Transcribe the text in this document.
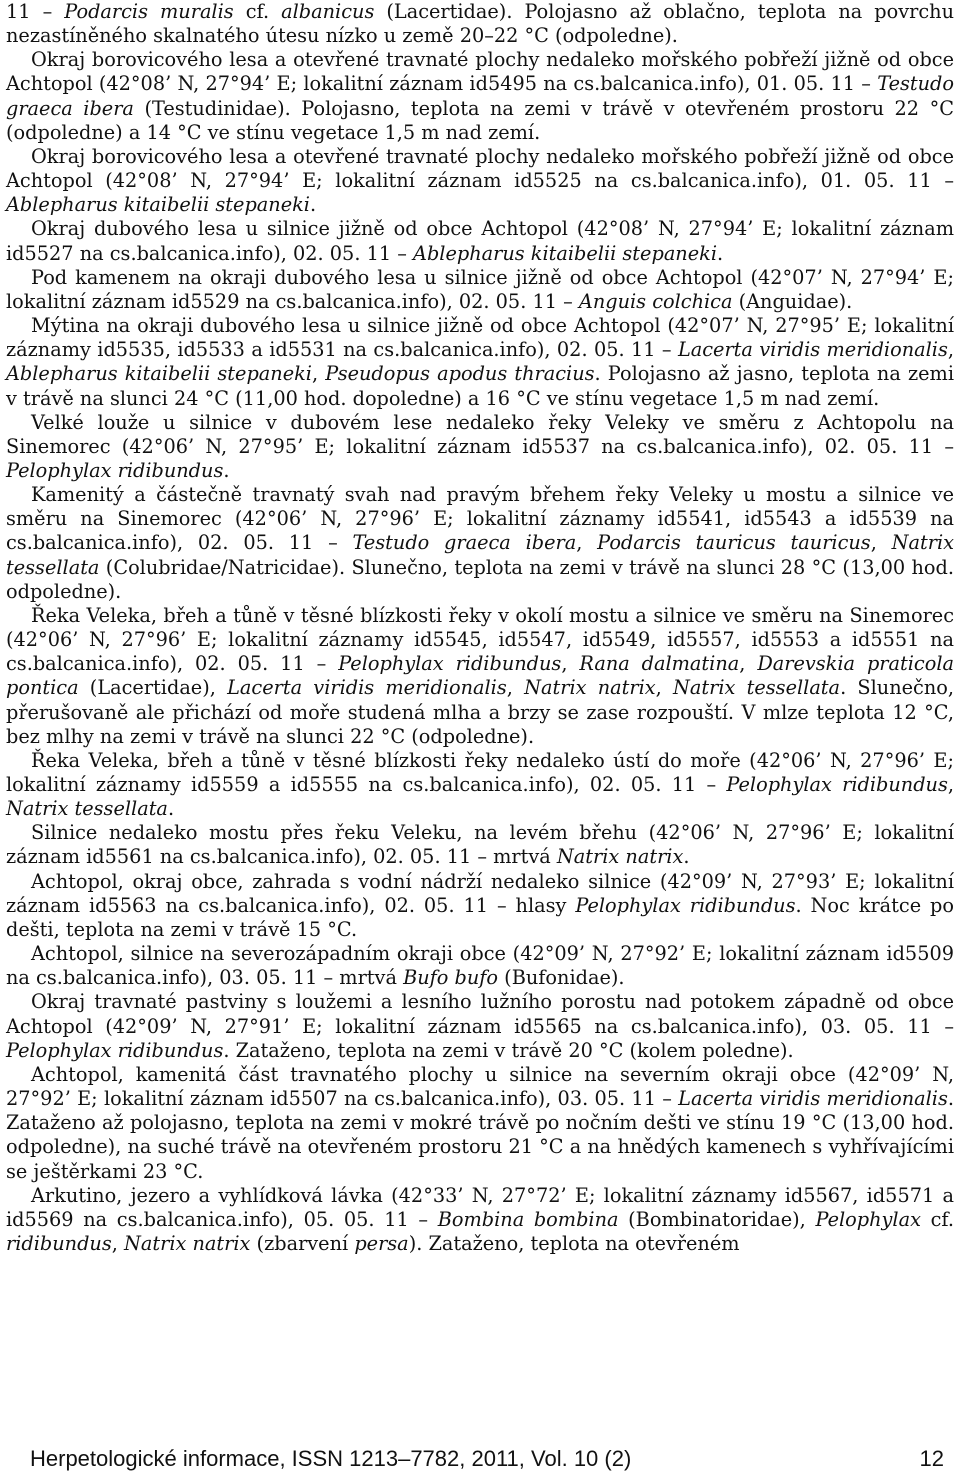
11 – Podarcis muralis cf. albanicus (Lacertidae). Polojasno až oblačno, teplota na povrchu nezastíněného skalnatého útesu nízko u země 20–22 °C (odpoledne).

Okraj borovicového lesa a otevřené travnaté plochy nedaleko mořského pobřeží jižně od obce Achtopol (42°08’ N, 27°94’ E; lokalitní záznam id5495 na cs.balcanica.info), 01. 05. 11 – Testudo graeca ibera (Testudinidae). Polojasno, teplota na zemi v trávě v otevřeném prostoru 22 °C (odpoledne) a 14 °C ve stínu vegetace 1,5 m nad zemí.

Okraj borovicového lesa a otevřené travnaté plochy nedaleko mořského pobřeží jižně od obce Achtopol (42°08’ N, 27°94’ E; lokalitní záznam id5525 na cs.balcanica.info), 01. 05. 11 – Ablepharus kitaibelii stepaneki.

Okraj dubového lesa u silnice jižně od obce Achtopol (42°08’ N, 27°94’ E; lokalitní záznam id5527 na cs.balcanica.info), 02. 05. 11 – Ablepharus kitaibelii stepaneki.

Pod kamenem na okraji dubového lesa u silnice jižně od obce Achtopol (42°07’ N, 27°94’ E; lokalitní záznam id5529 na cs.balcanica.info), 02. 05. 11 – Anguis colchica (Anguidae).

Mýtina na okraji dubového lesa u silnice jižně od obce Achtopol (42°07’ N, 27°95’ E; lokalitní záznamy id5535, id5533 a id5531 na cs.balcanica.info), 02. 05. 11 – Lacerta viridis meridionalis, Ablepharus kitaibelii stepaneki, Pseudopus apodus thracius. Polojasno až jasno, teplota na zemi v trávě na slunci 24 °C (11,00 hod. dopoledne) a 16 °C ve stínu vegetace 1,5 m nad zemí.

Velké louže u silnice v dubovém lese nedaleko řeky Veleky ve směru z Achtopolu na Sinemorec (42°06’ N, 27°95’ E; lokalitní záznam id5537 na cs.balcanica.info), 02. 05. 11 – Pelophylax ridibundus.

Kamenitý a částečně travnatý svah nad pravým břehem řeky Veleky u mostu a silnice ve směru na Sinemorec (42°06’ N, 27°96’ E; lokalitní záznamy id5541, id5543 a id5539 na cs.balcanica.info), 02. 05. 11 – Testudo graeca ibera, Podarcis tauricus tauricus, Natrix tessellata (Colubridae/Natricidae). Slunečno, teplota na zemi v trávě na slunci 28 °C (13,00 hod. odpoledne).

Řeka Veleka, břeh a tůně v těsné blízkosti řeky v okolí mostu a silnice ve směru na Sinemorec (42°06’ N, 27°96’ E; lokalitní záznamy id5545, id5547, id5549, id5557, id5553 a id5551 na cs.balcanica.info), 02. 05. 11 – Pelophylax ridibundus, Rana dalmatina, Darevskia praticola pontica (Lacertidae), Lacerta viridis meridionalis, Natrix natrix, Natrix tessellata. Slunečno, přerušovaně ale přichází od moře studená mlha a brzy se zase rozpouští. V mlze teplota 12 °C, bez mlhy na zemi v trávě na slunci 22 °C (odpoledne).

Řeka Veleka, břeh a tůně v těsné blízkosti řeky nedaleko ústí do moře (42°06’ N, 27°96’ E; lokalitní záznamy id5559 a id5555 na cs.balcanica.info), 02. 05. 11 – Pelophylax ridibundus, Natrix tessellata.

Silnice nedaleko mostu přes řeku Veleku, na levém břehu (42°06’ N, 27°96’ E; lokalitní záznam id5561 na cs.balcanica.info), 02. 05. 11 – mrtvá Natrix natrix.

Achtopol, okraj obce, zahrada s vodní nádrží nedaleko silnice (42°09’ N, 27°93’ E; lokalitní záznam id5563 na cs.balcanica.info), 02. 05. 11 – hlasy Pelophylax ridibundus. Noc krátce po dešti, teplota na zemi v trávě 15 °C.

Achtopol, silnice na severozápadním okraji obce (42°09’ N, 27°92’ E; lokalitní záznam id5509 na cs.balcanica.info), 03. 05. 11 – mrtvá Bufo bufo (Bufonidae).

Okraj travnaté pastviny s loužemi a lesního lužního porostu nad potokem západně od obce Achtopol (42°09’ N, 27°91’ E; lokalitní záznam id5565 na cs.balcanica.info), 03. 05. 11 – Pelophylax ridibundus. Zataženo, teplota na zemi v trávě 20 °C (kolem poledne).

Achtopol, kamenitá část travnatého plochy u silnice na severním okraji obce (42°09’ N, 27°92’ E; lokalitní záznam id5507 na cs.balcanica.info), 03. 05. 11 – Lacerta viridis meridionalis. Zataženo až polojasno, teplota na zemi v mokré trávě po nočním dešti ve stínu 19 °C (13,00 hod. odpoledne), na suché trávě na otevřeném prostoru 21 °C a na hnědých kamenech s vyhřívajícími se ještěrkami 23 °C.

Arkutino, jezero a vyhlídková lávka (42°33’ N, 27°72’ E; lokalitní záznamy id5567, id5571 a id5569 na cs.balcanica.info), 05. 05. 11 – Bombina bombina (Bombinatoridae), Pelophylax cf. ridibundus, Natrix natrix (zbarvení persa). Zataženo, teplota na otevřeném

Herpetologické informace, ISSN 1213–7782, 2011, Vol. 10 (2)	12
